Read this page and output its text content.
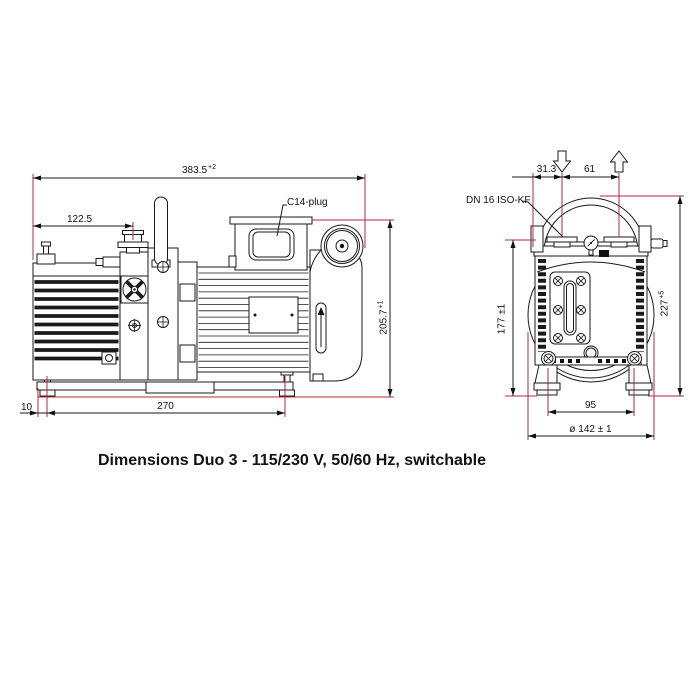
$383.5^{+2}$
122.5
C14-plug
$205.7^{+1}$
10	270
31.3	61
DN 16 ISO-KF
177 ±1	$227^{+5}$
95
ø 142 ± 1
Dimensions Duo 3 - 115/230 V, 50/60 Hz, switchable
